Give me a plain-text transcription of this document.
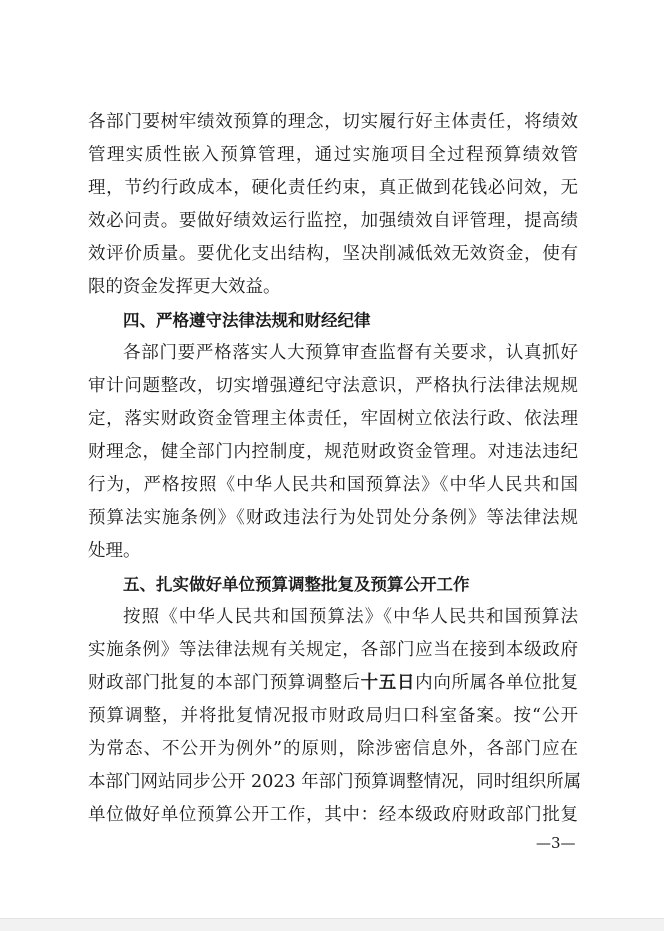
各部门要树牢绩效预算的理念，切实履行好主体责任，将绩效
管理实质性嵌入预算管理，通过实施项目全过程预算绩效管
理，节约行政成本，硬化责任约束，真正做到花钱必问效，无
效必问责。要做好绩效运行监控，加强绩效自评管理，提高绩
效评价质量。要优化支出结构，坚决削减低效无效资金，使有
限的资金发挥更大效益。
四、严格遵守法律法规和财经纪律
各部门要严格落实人大预算审查监督有关要求，认真抓好
审计问题整改，切实增强遵纪守法意识，严格执行法律法规规
定，落实财政资金管理主体责任，牢固树立依法行政、依法理
财理念，健全部门内控制度，规范财政资金管理。对违法违纪
行为，严格按照《中华人民共和国预算法》《中华人民共和国
预算法实施条例》《财政违法行为处罚处分条例》等法律法规
处理。
五、扎实做好单位预算调整批复及预算公开工作
按照《中华人民共和国预算法》《中华人民共和国预算法
实施条例》等法律法规有关规定，各部门应当在接到本级政府
财政部门批复的本部门预算调整后十五日内向所属各单位批复
预算调整，并将批复情况报市财政局归口科室备案。按“公开
为常态、不公开为例外”的原则，除涉密信息外，各部门应在
本部门网站同步公开 2023 年部门预算调整情况，同时组织所属
单位做好单位预算公开工作，其中：经本级政府财政部门批复
—3—
